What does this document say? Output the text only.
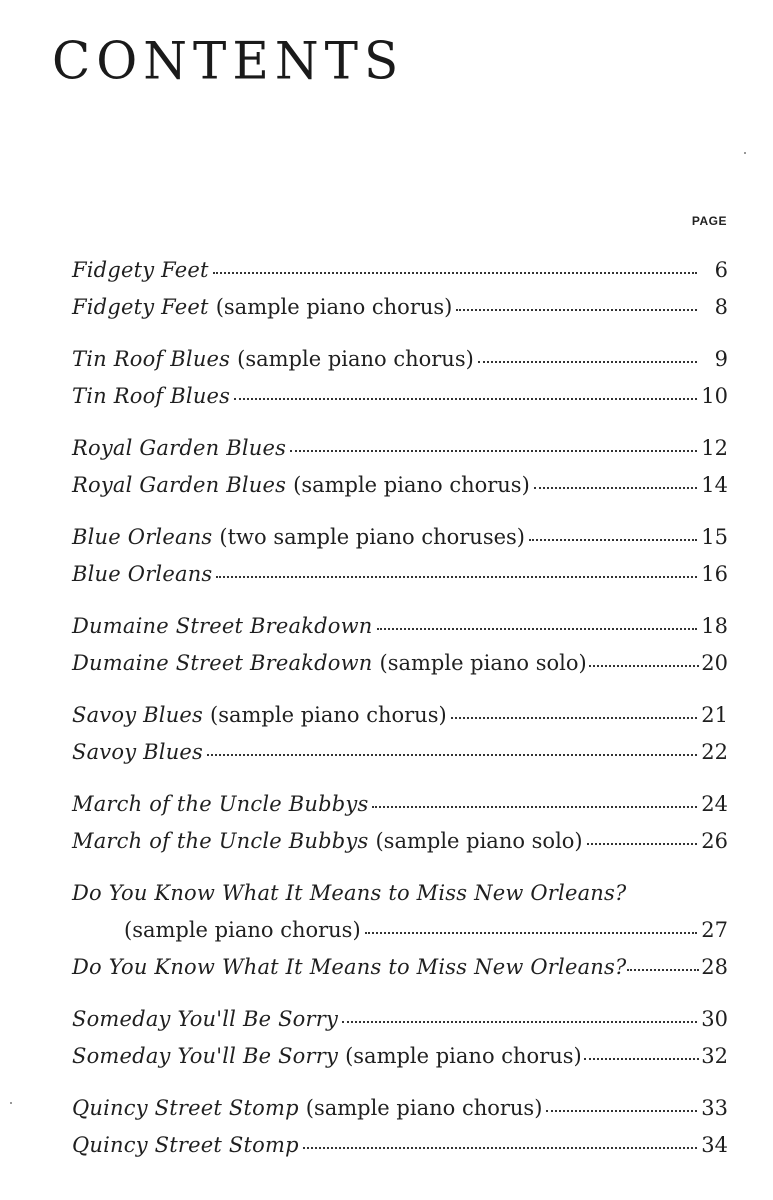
CONTENTS
PAGE
Fidgety Feet	6
Fidgety Feet (sample piano chorus)	8
Tin Roof Blues (sample piano chorus)	9
Tin Roof Blues	10
Royal Garden Blues	12
Royal Garden Blues (sample piano chorus)	14
Blue Orleans (two sample piano choruses)	15
Blue Orleans	16
Dumaine Street Breakdown	18
Dumaine Street Breakdown (sample piano solo)	20
Savoy Blues (sample piano chorus)	21
Savoy Blues	22
March of the Uncle Bubbys	24
March of the Uncle Bubbys (sample piano solo)	26
Do You Know What It Means to Miss New Orleans?
(sample piano chorus)	27
Do You Know What It Means to Miss New Orleans?	28
Someday You'll Be Sorry	30
Someday You'll Be Sorry (sample piano chorus)	32
Quincy Street Stomp (sample piano chorus)	33
Quincy Street Stomp	34
